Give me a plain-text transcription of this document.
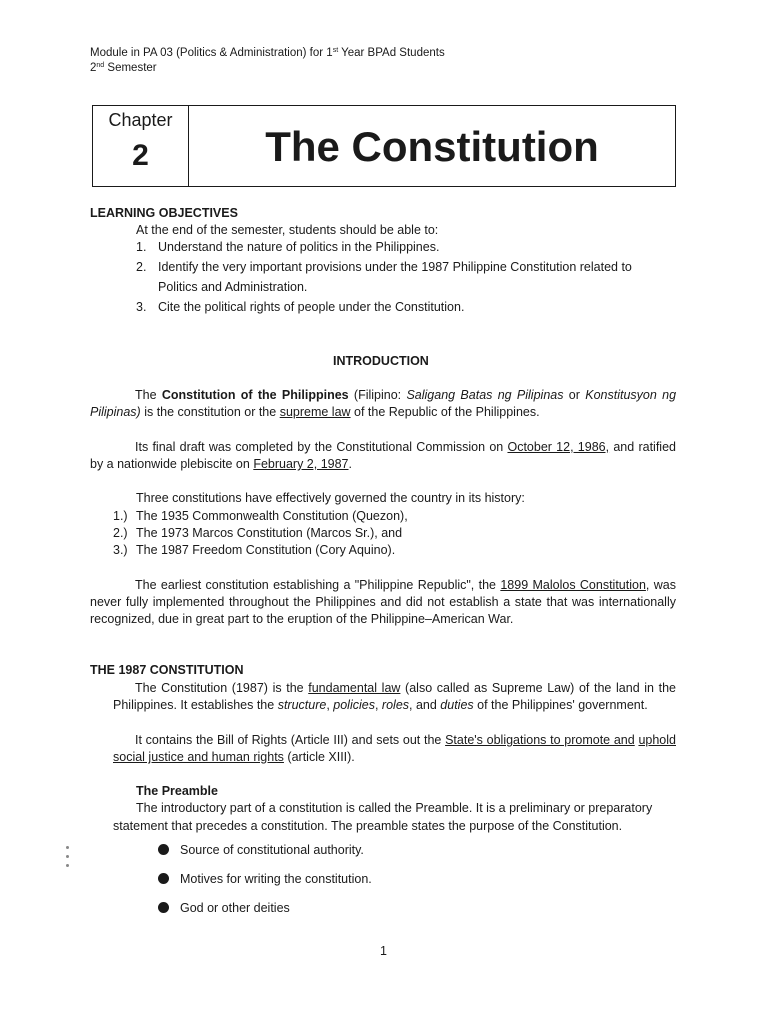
Module in PA 03 (Politics & Administration) for 1st Year BPAd Students
2nd Semester
Chapter
2	The Constitution
LEARNING OBJECTIVES
At the end of the semester, students should be able to:
1. Understand the nature of politics in the Philippines.
2. Identify the very important provisions under the 1987 Philippine Constitution related to
Politics and Administration.
3. Cite the political rights of people under the Constitution.
INTRODUCTION
The Constitution of the Philippines (Filipino: Saligang Batas ng Pilipinas or Konstitusyon ng Pilipinas) is the constitution or the supreme law of the Republic of the Philippines.
Its final draft was completed by the Constitutional Commission on October 12, 1986, and ratified by a nationwide plebiscite on February 2, 1987.
Three constitutions have effectively governed the country in its history:
1.) The 1935 Commonwealth Constitution (Quezon),
2.) The 1973 Marcos Constitution (Marcos Sr.), and
3.) The 1987 Freedom Constitution (Cory Aquino).
The earliest constitution establishing a "Philippine Republic", the 1899 Malolos Constitution, was never fully implemented throughout the Philippines and did not establish a state that was internationally recognized, due in great part to the eruption of the Philippine–American War.
THE 1987 CONSTITUTION
The Constitution (1987) is the fundamental law (also called as Supreme Law) of the land in the Philippines. It establishes the structure, policies, roles, and duties of the Philippines' government.
It contains the Bill of Rights (Article III) and sets out the State's obligations to promote and uphold social justice and human rights (article XIII).
The Preamble
The introductory part of a constitution is called the Preamble. It is a preliminary or preparatory
statement that precedes a constitution. The preamble states the purpose of the Constitution.
Source of constitutional authority.
Motives for writing the constitution.
God or other deities
1
